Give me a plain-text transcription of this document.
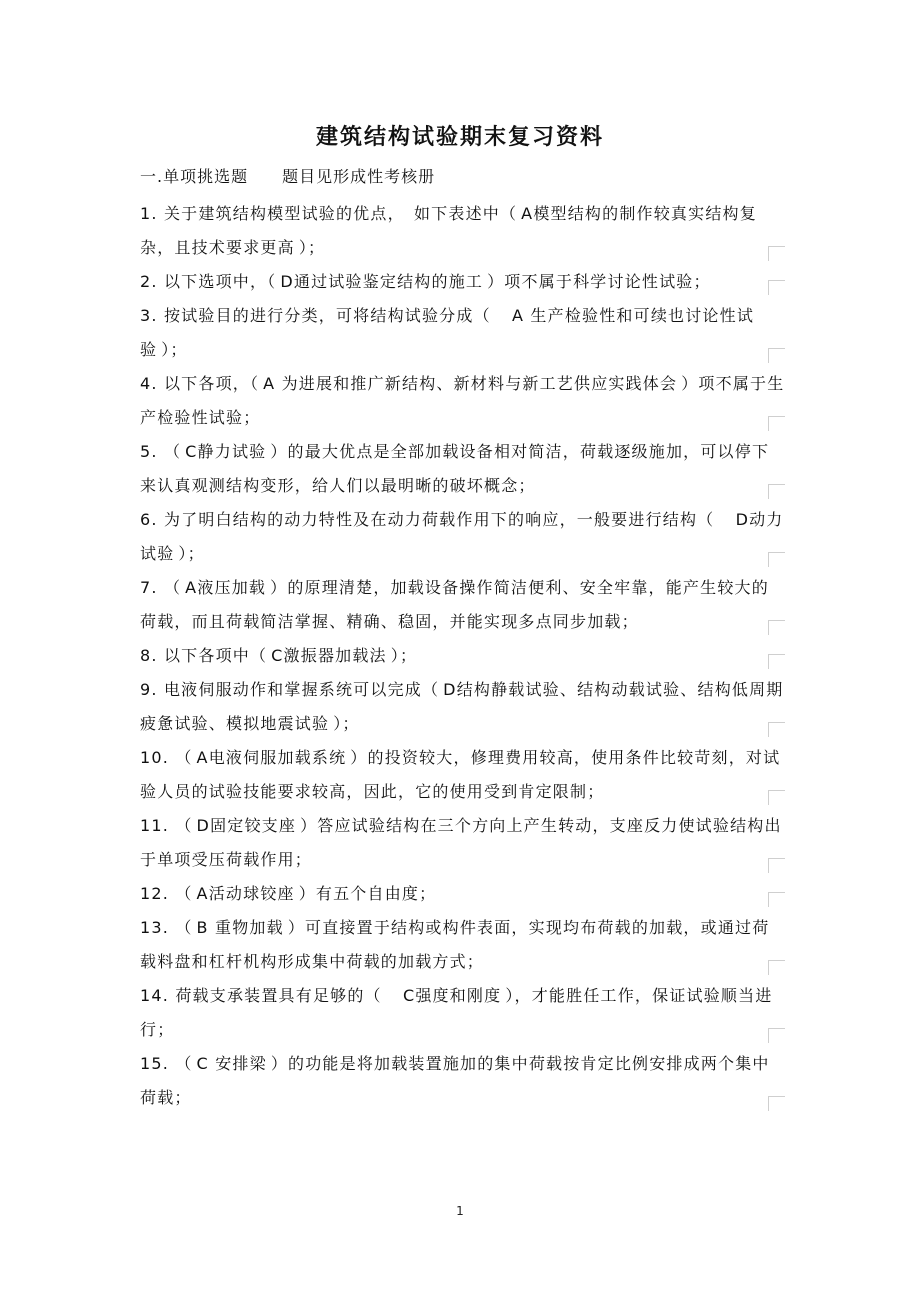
建筑结构试验期末复习资料
一.单项挑选题 题目见形成性考核册

1. 关于建筑结构模型试验的优点，　如下表述中（ A模型结构的制作较真实结构复杂，且技术要求更高 ）；

2. 以下选项中，（ D通过试验鉴定结构的施工 ）项不属于科学讨论性试验；

3. 按试验目的进行分类，可将结构试验分成（　A 生产检验性和可续也讨论性试验 ）；

4. 以下各项，（ A 为进展和推广新结构、新材料与新工艺供应实践体会 ）项不属于生产检验性试验；

5. （ C静力试验 ）的最大优点是全部加载设备相对简洁，荷载逐级施加，可以停下来认真观测结构变形，给人们以最明晰的破坏概念；

6. 为了明白结构的动力特性及在动力荷载作用下的响应，一般要进行结构（　D动力试验 ）；

7. （ A液压加载 ）的原理清楚，加载设备操作简洁便利、安全牢靠，能产生较大的荷载，而且荷载简洁掌握、精确、稳固，并能实现多点同步加载；

8. 以下各项中（ C激振器加载法 ）；

9. 电液伺服动作和掌握系统可以完成（ D结构静载试验、结构动载试验、结构低周期疲惫试验、模拟地震试验 ）；

10. （ A电液伺服加载系统 ）的投资较大，修理费用较高，使用条件比较苛刻，对试验人员的试验技能要求较高，因此，它的使用受到肯定限制；

11. （ D固定铰支座 ）答应试验结构在三个方向上产生转动，支座反力使试验结构出于单项受压荷载作用；

12. （ A活动球铰座 ）有五个自由度；

13. （ B 重物加载 ）可直接置于结构或构件表面，实现均布荷载的加载，或通过荷载料盘和杠杆机构形成集中荷载的加载方式；

14. 荷载支承装置具有足够的（　C强度和刚度 ），才能胜任工作，保证试验顺当进行；

15. （ C 安排梁 ）的功能是将加载装置施加的集中荷载按肯定比例安排成两个集中荷载；

1
